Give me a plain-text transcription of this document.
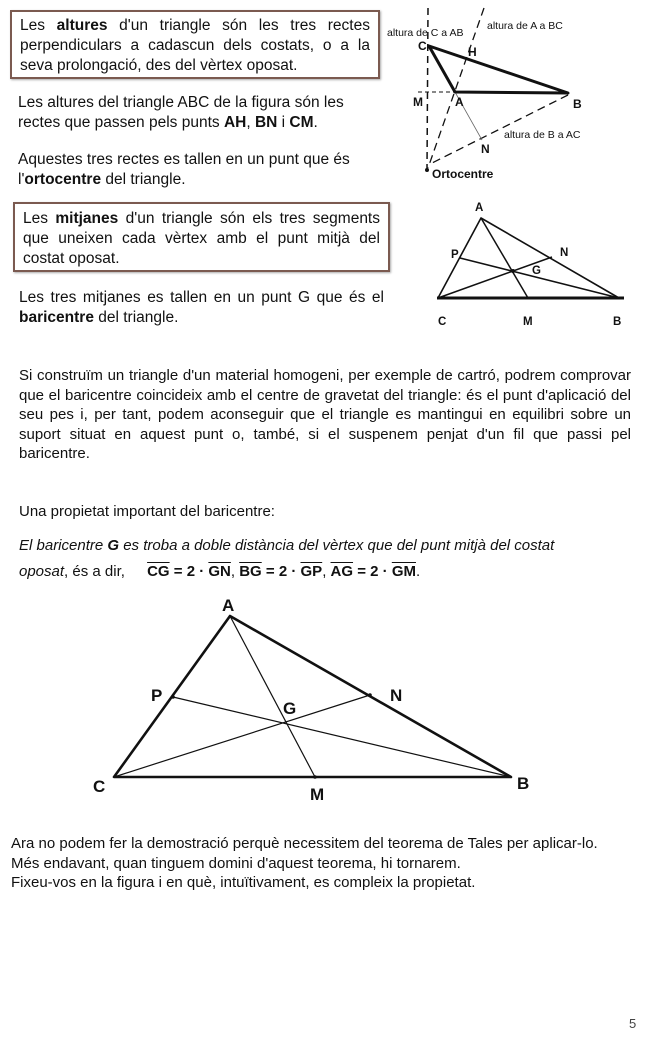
Les altures d'un triangle són les tres rectes perpendiculars a cadascun dels costats, o a la seva prolongació, des del vèrtex oposat.
Les altures del triangle ABC de la figura són les rectes que passen pels punts AH, BN i CM.
Aquestes tres rectes es tallen en un punt que és l'ortocentre del triangle.
altura de C a AB
altura de A a BC
altura de B a AC
C	H
M	A	B
N
Ortocentre
Les mitjanes d'un triangle són els tres segments que uneixen cada vèrtex amb el punt mitjà del costat oposat.
Les tres mitjanes es tallen en un punt G que és el baricentre del triangle.
A
P	N
G
C	M	B
Si construïm un triangle d'un material homogeni, per exemple de cartró, podrem comprovar que el baricentre coincideix amb el centre de gravetat del triangle: és el punt d'aplicació del seu pes i, per tant, podem aconseguir que el triangle es mantingui en equilibri sobre un suport situat en aquest punt o, també, si el suspenem penjat d'un fil que passi pel baricentre.
Una propietat important del baricentre:
El baricentre G es troba a doble distància del vèrtex que del punt mitjà del costat
oposat, és a dir, $\overline{CG} = 2 \cdot \overline{GN}$, $\overline{BG} = 2 \cdot \overline{GP}$, $\overline{AG} = 2 \cdot \overline{GM}$.
A
P	N
G
C	M
B
Ara no podem fer la demostració perquè necessitem del teorema de Tales per aplicar-lo.
Més endavant, quan tinguem domini d'aquest teorema, hi tornarem.
Fixeu-vos en la figura i en què, intuïtivament, es compleix la propietat.
5
